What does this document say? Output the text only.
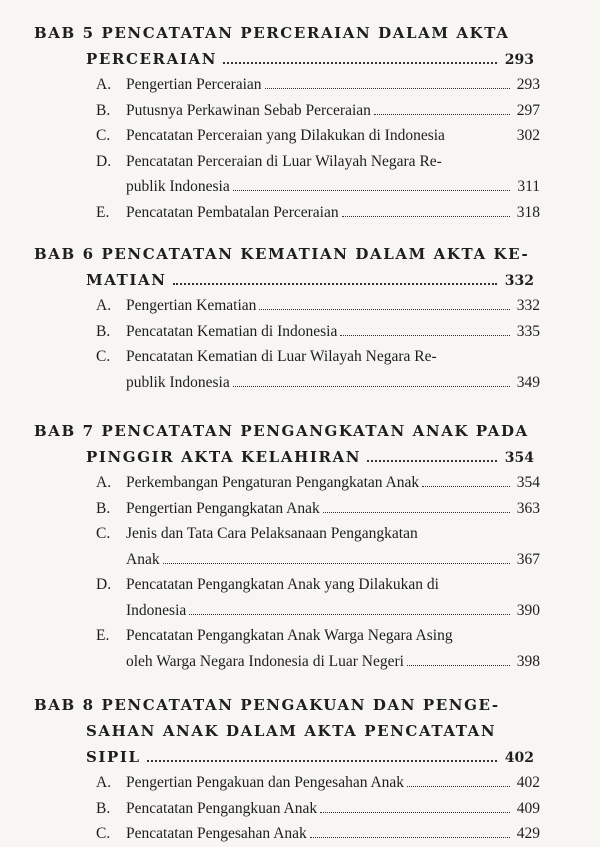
BAB 5 PENCATATAN PERCERAIAN DALAM AKTA
PERCERAIAN	293
A. Pengertian Perceraian	293
B. Putusnya Perkawinan Sebab Perceraian	297
C. Pencatatan Perceraian yang Dilakukan di Indonesia	302
D. Pencatatan Perceraian di Luar Wilayah Negara Re-
publik Indonesia	311
E. Pencatatan Pembatalan Perceraian	318
BAB 6 PENCATATAN KEMATIAN DALAM AKTA KE-
MATIAN	332
A. Pengertian Kematian	332
B. Pencatatan Kematian di Indonesia	335
C. Pencatatan Kematian di Luar Wilayah Negara Re-
publik Indonesia	349
BAB 7 PENCATATAN PENGANGKATAN ANAK PADA
PINGGIR AKTA KELAHIRAN	354
A. Perkembangan Pengaturan Pengangkatan Anak	354
B. Pengertian Pengangkatan Anak	363
C. Jenis dan Tata Cara Pelaksanaan Pengangkatan
Anak	367
D. Pencatatan Pengangkatan Anak yang Dilakukan di
Indonesia	390
E. Pencatatan Pengangkatan Anak Warga Negara Asing
oleh Warga Negara Indonesia di Luar Negeri	398
BAB 8 PENCATATAN PENGAKUAN DAN PENGE-
SAHAN ANAK DALAM AKTA PENCATATAN
SIPIL	402
A. Pengertian Pengakuan dan Pengesahan Anak	402
B. Pencatatan Pengangkuan Anak	409
C. Pencatatan Pengesahan Anak	429
